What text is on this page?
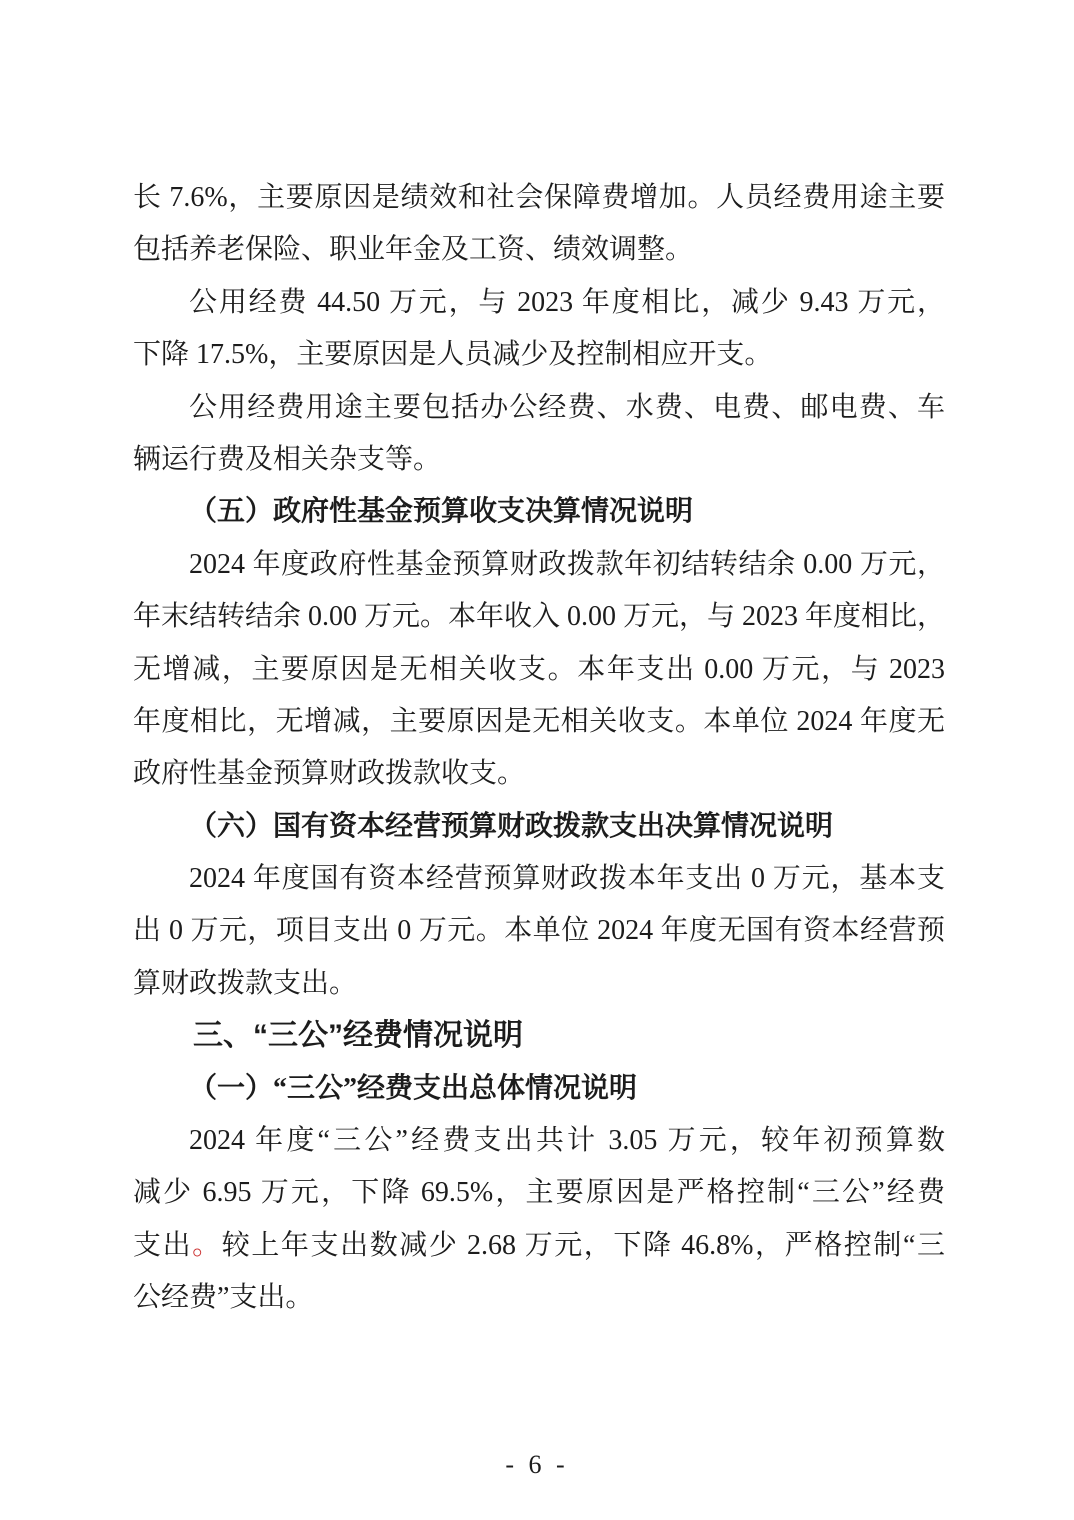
长 7.6%，主要原因是绩效和社会保障费增加。人员经费用途主要
包括养老保险、职业年金及工资、绩效调整。
公用经费 44.50 万元，与 2023 年度相比，减少 9.43 万元，
下降 17.5%，主要原因是人员减少及控制相应开支。
公用经费用途主要包括办公经费、水费、电费、邮电费、车
辆运行费及相关杂支等。
（五）政府性基金预算收支决算情况说明
2024 年度政府性基金预算财政拨款年初结转结余 0.00 万元，
年末结转结余 0.00 万元。本年收入 0.00 万元，与 2023 年度相比，
无增减，主要原因是无相关收支。本年支出 0.00 万元，与 2023
年度相比，无增减，主要原因是无相关收支。本单位 2024 年度无
政府性基金预算财政拨款收支。
（六）国有资本经营预算财政拨款支出决算情况说明
2024 年度国有资本经营预算财政拨本年支出 0 万元，基本支
出 0 万元，项目支出 0 万元。本单位 2024 年度无国有资本经营预
算财政拨款支出。
三、“三公”经费情况说明
（一）“三公”经费支出总体情况说明
2024 年度“三公”经费支出共计 3.05 万元，较年初预算数
减少 6.95 万元，下降 69.5%，主要原因是严格控制“三公”经费
支出。较上年支出数减少 2.68 万元，下降 46.8%，严格控制“三
公经费”支出。
- 6 -
